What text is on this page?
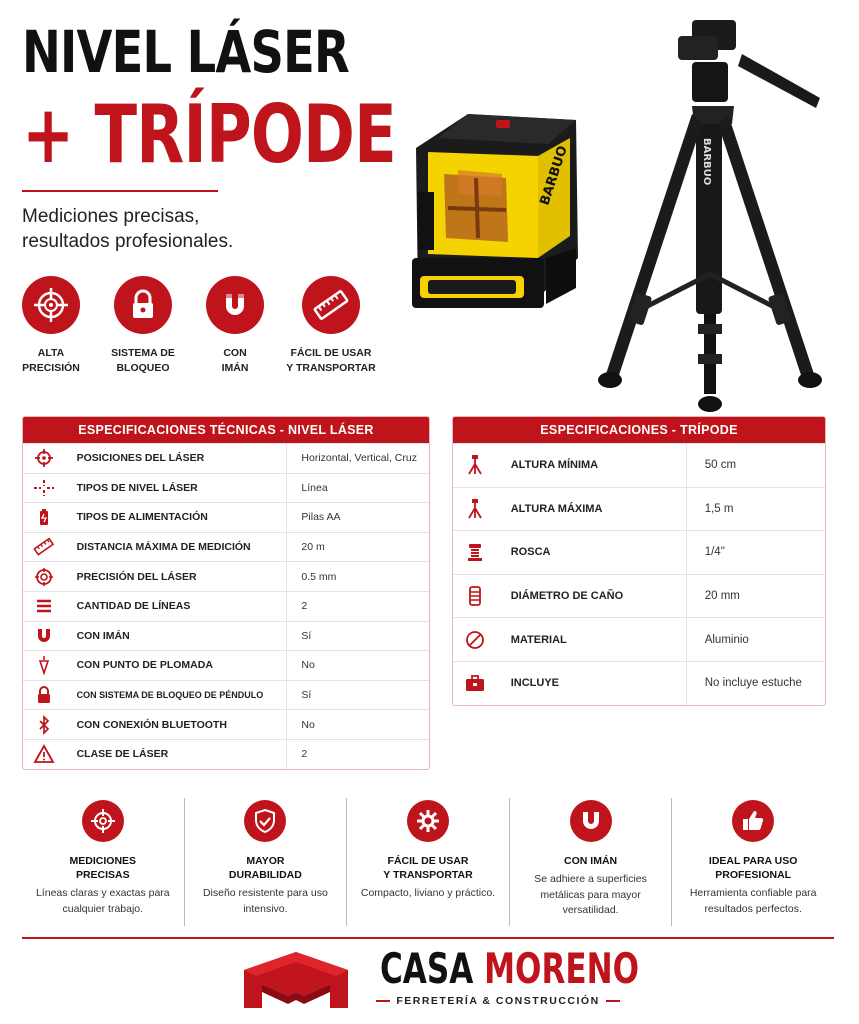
NIVEL LÁSER
+ TRÍPODE
Mediciones precisas,
resultados profesionales.
ALTA
PRECISIÓN
SISTEMA DE
BLOQUEO
CON
IMÁN
FÁCIL DE USAR
Y TRANSPORTAR
BARBUO	BARBUO
ESPECIFICACIONES TÉCNICAS - NIVEL LÁSER
POSICIONES DEL LÁSER	Horizontal, Vertical, Cruz
TIPOS DE NIVEL LÁSER	Línea
TIPOS DE ALIMENTACIÓN	Pilas AA
DISTANCIA MÁXIMA DE MEDICIÓN	20 m
PRECISIÓN DEL LÁSER	0.5 mm
CANTIDAD DE LÍNEAS	2
CON IMÁN	Sí
CON PUNTO DE PLOMADA	No
CON SISTEMA DE BLOQUEO DE PÉNDULO	Sí
CON CONEXIÓN BLUETOOTH	No
CLASE DE LÁSER	2
ESPECIFICACIONES - TRÍPODE
ALTURA MÍNIMA	50 cm
ALTURA MÁXIMA	1,5 m
ROSCA	1/4"
DIÁMETRO DE CAÑO	20 mm
MATERIAL	Aluminio
INCLUYE	No incluye estuche
MEDICIONES
PRECISAS
Líneas claras y exactas para cualquier trabajo.
MAYOR
DURABILIDAD
Diseño resistente para uso intensivo.
FÁCIL DE USAR
Y TRANSPORTAR
Compacto, liviano y práctico.
CON IMÁN
Se adhiere a superficies metálicas para mayor versatilidad.
IDEAL PARA USO
PROFESIONAL
Herramienta confiable para resultados perfectos.
CASA MORENO
FERRETERÍA & CONSTRUCCIÓN
